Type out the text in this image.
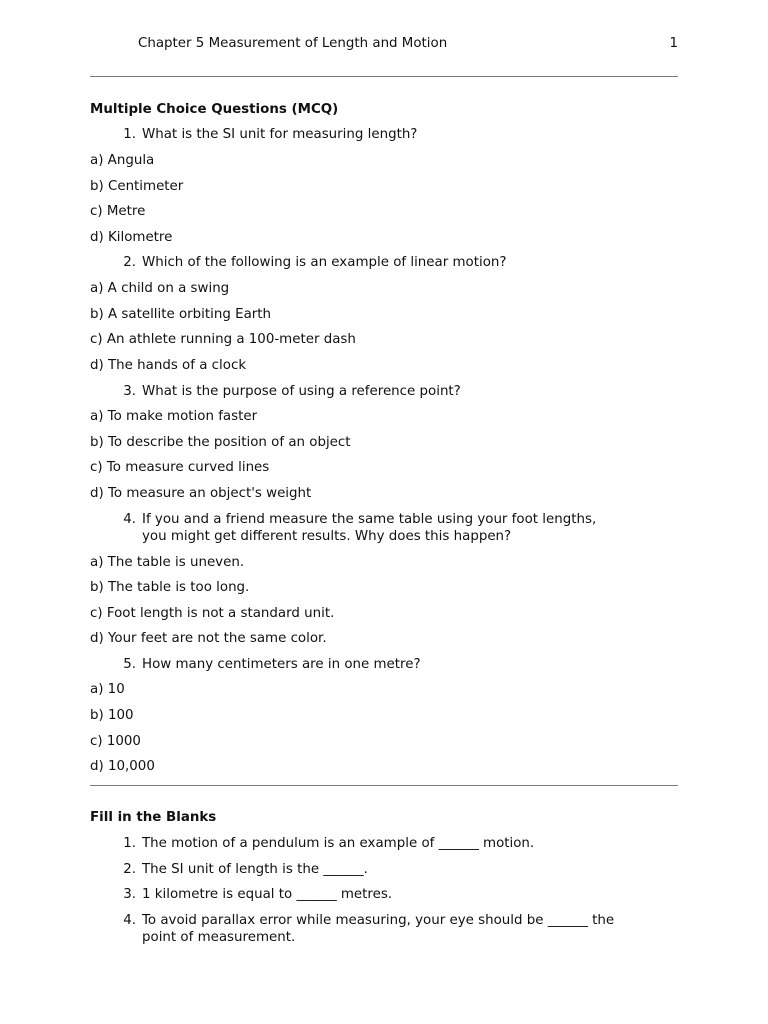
Chapter 5 Measurement of Length and Motion	1
Multiple Choice Questions (MCQ)
1. What is the SI unit for measuring length?
a) Angula
b) Centimeter
c) Metre
d) Kilometre
2. Which of the following is an example of linear motion?
a) A child on a swing
b) A satellite orbiting Earth
c) An athlete running a 100-meter dash
d) The hands of a clock
3. What is the purpose of using a reference point?
a) To make motion faster
b) To describe the position of an object
c) To measure curved lines
d) To measure an object's weight
4. If you and a friend measure the same table using your foot lengths,
you might get different results. Why does this happen?
a) The table is uneven.
b) The table is too long.
c) Foot length is not a standard unit.
d) Your feet are not the same color.
5. How many centimeters are in one metre?
a) 10
b) 100
c) 1000
d) 10,000
Fill in the Blanks
1. The motion of a pendulum is an example of ______ motion.
2. The SI unit of length is the ______.
3. 1 kilometre is equal to ______ metres.
4. To avoid parallax error while measuring, your eye should be ______ the
point of measurement.
